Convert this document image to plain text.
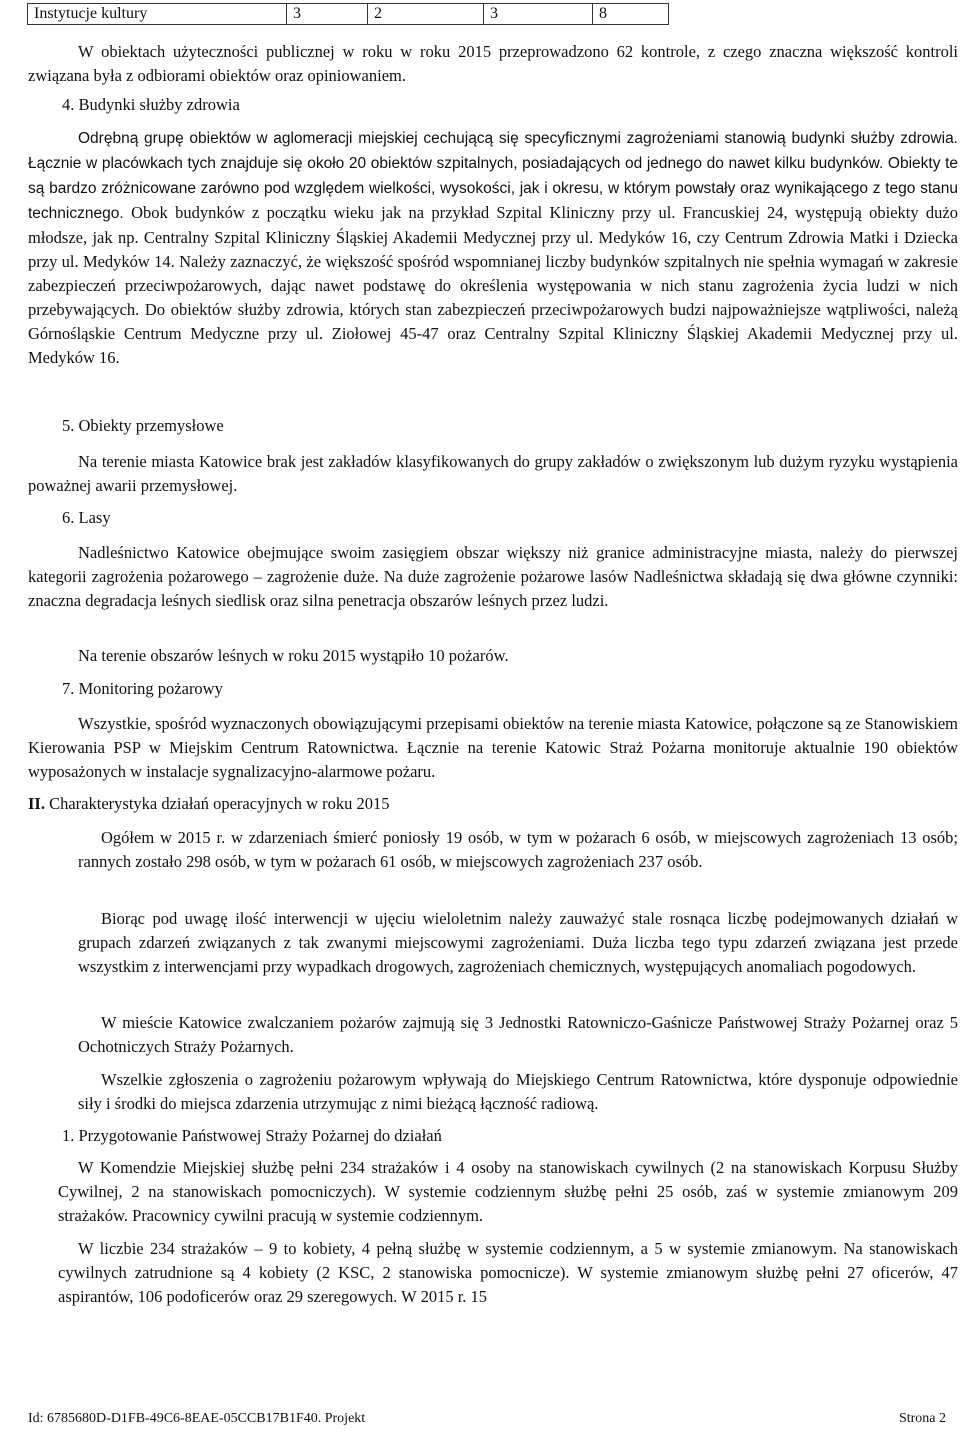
Instytucje kultury	3	2	3	8

W obiektach użyteczności publicznej w roku w roku 2015 przeprowadzono 62 kontrole, z czego znaczna większość kontroli związana była z odbiorami obiektów oraz opiniowaniem.

4. Budynki służby zdrowia

Odrębną grupę obiektów w aglomeracji miejskiej cechującą się specyficznymi zagrożeniami stanowią budynki służby zdrowia. Łącznie w placówkach tych znajduje się około 20 obiektów szpitalnych, posiadających od jednego do nawet kilku budynków. Obiekty te są bardzo zróżnicowane zarówno pod względem wielkości, wysokości, jak i okresu, w którym powstały oraz wynikającego z tego stanu technicznego. Obok budynków z początku wieku jak na przykład Szpital Kliniczny przy ul. Francuskiej 24, występują obiekty dużo młodsze, jak np. Centralny Szpital Kliniczny Śląskiej Akademii Medycznej przy ul. Medyków 16, czy Centrum Zdrowia Matki i Dziecka przy ul. Medyków 14. Należy zaznaczyć, że większość spośród wspomnianej liczby budynków szpitalnych nie spełnia wymagań w zakresie zabezpieczeń przeciwpożarowych, dając nawet podstawę do określenia występowania w nich stanu zagrożenia życia ludzi w nich przebywających. Do obiektów służby zdrowia, których stan zabezpieczeń przeciwpożarowych budzi najpoważniejsze wątpliwości, należą Górnośląskie Centrum Medyczne przy ul. Ziołowej 45-47 oraz Centralny Szpital Kliniczny Śląskiej Akademii Medycznej przy ul. Medyków 16.

5. Obiekty przemysłowe

Na terenie miasta Katowice brak jest zakładów klasyfikowanych do grupy zakładów o zwiększonym lub dużym ryzyku wystąpienia poważnej awarii przemysłowej.

6. Lasy

Nadleśnictwo Katowice obejmujące swoim zasięgiem obszar większy niż granice administracyjne miasta, należy do pierwszej kategorii zagrożenia pożarowego – zagrożenie duże. Na duże zagrożenie pożarowe lasów Nadleśnictwa składają się dwa główne czynniki: znaczna degradacja leśnych siedlisk oraz silna penetracja obszarów leśnych przez ludzi.

Na terenie obszarów leśnych w roku 2015 wystąpiło 10 pożarów.

7. Monitoring pożarowy

Wszystkie, spośród wyznaczonych obowiązującymi przepisami obiektów na terenie miasta Katowice, połączone są ze Stanowiskiem Kierowania PSP w Miejskim Centrum Ratownictwa. Łącznie na terenie Katowic Straż Pożarna monitoruje aktualnie 190 obiektów wyposażonych w instalacje sygnalizacyjno-alarmowe pożaru.

II. Charakterystyka działań operacyjnych w roku 2015

Ogółem w 2015 r. w zdarzeniach śmierć poniosły 19 osób, w tym w pożarach 6 osób, w miejscowych zagrożeniach 13 osób; rannych zostało 298 osób, w tym w pożarach 61 osób, w miejscowych zagrożeniach 237 osób.

Biorąc pod uwagę ilość interwencji w ujęciu wieloletnim należy zauważyć stale rosnąca liczbę podejmowanych działań w grupach zdarzeń związanych z tak zwanymi miejscowymi zagrożeniami. Duża liczba tego typu zdarzeń związana jest przede wszystkim z interwencjami przy wypadkach drogowych, zagrożeniach chemicznych, występujących anomaliach pogodowych.

W mieście Katowice zwalczaniem pożarów zajmują się 3 Jednostki Ratowniczo-Gaśnicze Państwowej Straży Pożarnej oraz 5 Ochotniczych Straży Pożarnych.

Wszelkie zgłoszenia o zagrożeniu pożarowym wpływają do Miejskiego Centrum Ratownictwa, które dysponuje odpowiednie siły i środki do miejsca zdarzenia utrzymując z nimi bieżącą łączność radiową.

1. Przygotowanie Państwowej Straży Pożarnej do działań

W Komendzie Miejskiej służbę pełni 234 strażaków i 4 osoby na stanowiskach cywilnych (2 na stanowiskach Korpusu Służby Cywilnej, 2 na stanowiskach pomocniczych). W systemie codziennym służbę pełni 25 osób, zaś w systemie zmianowym 209 strażaków. Pracownicy cywilni pracują w systemie codziennym.

W liczbie 234 strażaków – 9 to kobiety, 4 pełną służbę w systemie codziennym, a 5 w systemie zmianowym. Na stanowiskach cywilnych zatrudnione są 4 kobiety (2 KSC, 2 stanowiska pomocnicze). W systemie zmianowym służbę pełni 27 oficerów, 47 aspirantów, 106 podoficerów oraz 29 szeregowych. W 2015 r. 15

Id: 6785680D-D1FB-49C6-8EAE-05CCB17B1F40. Projekt	Strona 2
